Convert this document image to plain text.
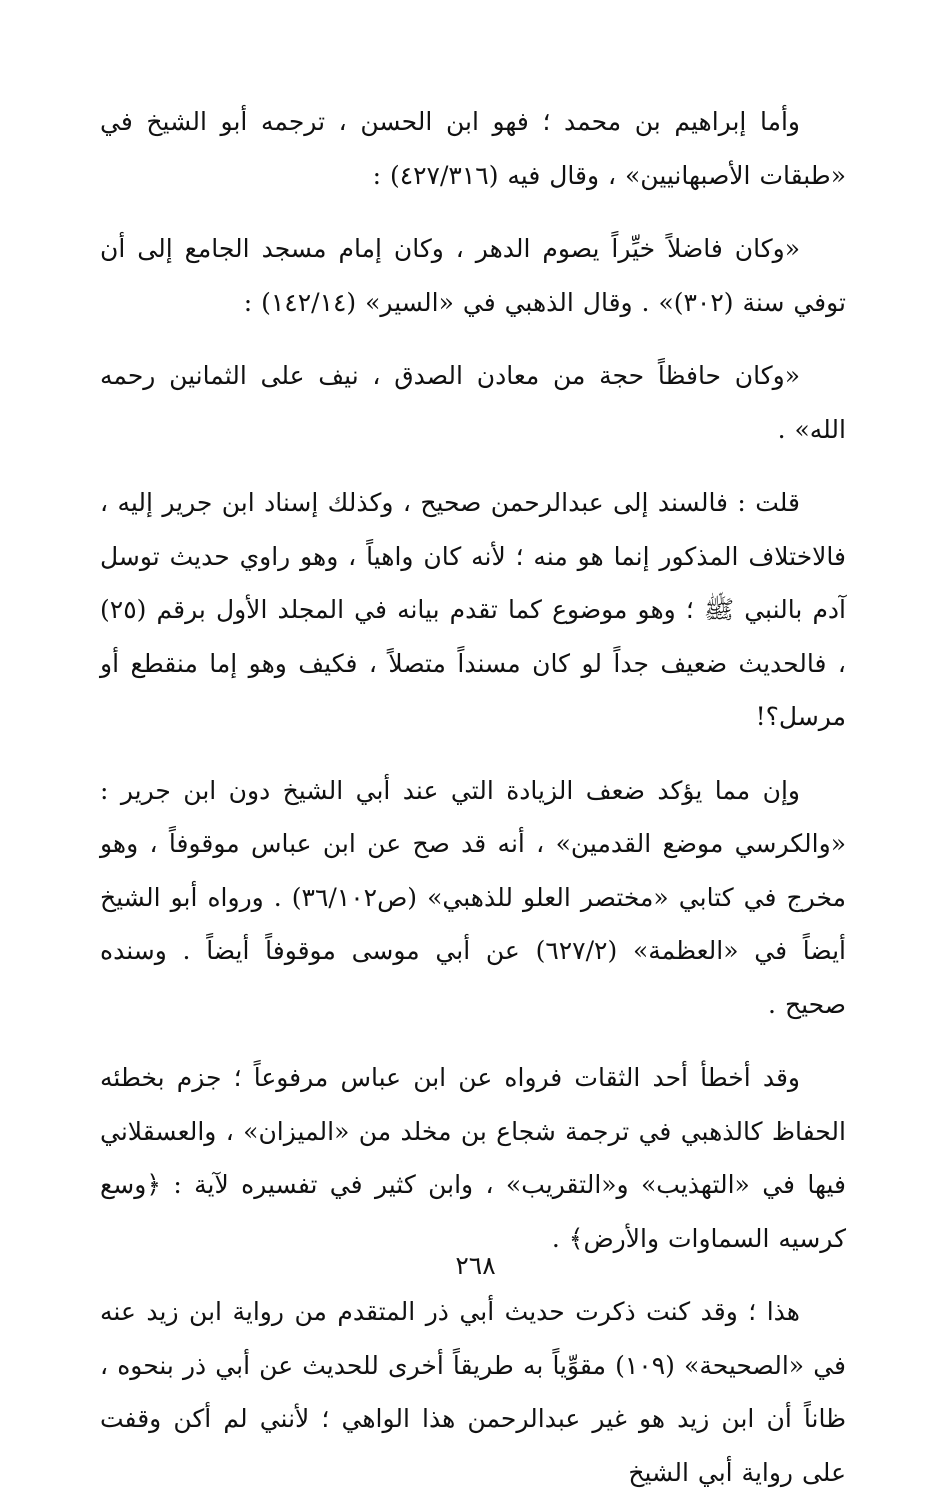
وأما إبراهيم بن محمد ؛ فهو ابن الحسن ، ترجمه أبو الشيخ في «طبقات الأصبهانيين» ، وقال فيه (٤٢٧/٣١٦) :

«وكان فاضلاً خيِّراً يصوم الدهر ، وكان إمام مسجد الجامع إلى أن توفي سنة (٣٠٢)» . وقال الذهبي في «السير» (١٤٢/١٤) :

«وكان حافظاً حجة من معادن الصدق ، نيف على الثمانين رحمه الله» .

قلت : فالسند إلى عبدالرحمن صحيح ، وكذلك إسناد ابن جرير إليه ، فالاختلاف المذكور إنما هو منه ؛ لأنه كان واهياً ، وهو راوي حديث توسل آدم بالنبي ﷺ ؛ وهو موضوع كما تقدم بيانه في المجلد الأول برقم (٢٥) ، فالحديث ضعيف جداً لو كان مسنداً متصلاً ، فكيف وهو إما منقطع أو مرسل؟!

وإن مما يؤكد ضعف الزيادة التي عند أبي الشيخ دون ابن جرير : «والكرسي موضع القدمين» ، أنه قد صح عن ابن عباس موقوفاً ، وهو مخرج في كتابي «مختصر العلو للذهبي» (ص٣٦/١٠٢) . ورواه أبو الشيخ أيضاً في «العظمة» (٦٢٧/٢) عن أبي موسى موقوفاً أيضاً . وسنده صحيح .

وقد أخطأ أحد الثقات فرواه عن ابن عباس مرفوعاً ؛ جزم بخطئه الحفاظ كالذهبي في ترجمة شجاع بن مخلد من «الميزان» ، والعسقلاني فيها في «التهذيب» و«التقريب» ، وابن كثير في تفسيره لآية : ﴿وسع كرسيه السماوات والأرض﴾ .

هذا ؛ وقد كنت ذكرت حديث أبي ذر المتقدم من رواية ابن زيد عنه في «الصحيحة» (١٠٩) مقوِّياً به طريقاً أخرى للحديث عن أبي ذر بنحوه ، ظاناً أن ابن زيد هو غير عبدالرحمن هذا الواهي ؛ لأنني لم أكن وقفت على رواية أبي الشيخ

٢٦٨
